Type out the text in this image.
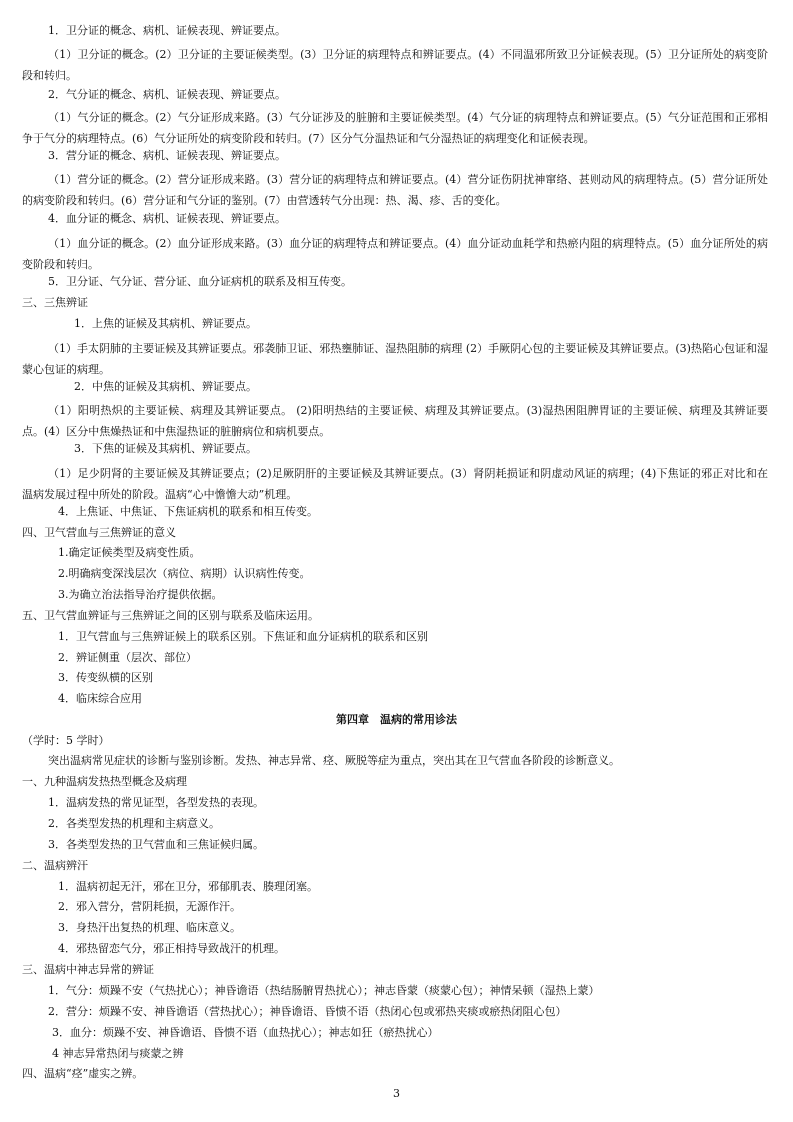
1．卫分证的概念、病机、证候表现、辨证要点。
（1）卫分证的概念。(2）卫分证的主要证候类型。(3）卫分证的病理特点和辨证要点。(4）不同温邪所致卫分证候表现。(5）卫分证所处的病变阶段和转归。
2．气分证的概念、病机、证候表现、辨证要点。
（1）气分证的概念。(2）气分证形成来路。(3）气分证涉及的脏腑和主要证候类型。(4）气分证的病理特点和辨证要点。(5）气分证范围和正邪相争于气分的病理特点。(6）气分证所处的病变阶段和转归。(7）区分气分温热证和气分湿热证的病理变化和证候表现。
3．营分证的概念、病机、证候表现、辨证要点。
（1）营分证的概念。(2）营分证形成来路。(3）营分证的病理特点和辨证要点。(4）营分证伤阴扰神窜络、甚则动风的病理特点。(5）营分证所处的病变阶段和转归。(6）营分证和气分证的鉴别。(7）由营透转气分出现：热、渴、疹、舌的变化。
4．血分证的概念、病机、证候表现、辨证要点。
（1）血分证的概念。(2）血分证形成来路。(3）血分证的病理特点和辨证要点。(4）血分证动血耗学和热瘀内阻的病理特点。(5）血分证所处的病变阶段和转归。
5．卫分证、气分证、营分证、血分证病机的联系及相互传变。
三、三焦辨证
1．上焦的证候及其病机、辨证要点。
（1）手太阴肺的主要证候及其辨证要点。邪袭肺卫证、邪热壅肺证、湿热阻肺的病理 (2）手厥阴心包的主要证候及其辨证要点。(3)热陷心包证和湿蒙心包证的病理。
2．中焦的证候及其病机、辨证要点。
（1）阳明热炽的主要证候、病理及其辨证要点。 (2)阳明热结的主要证候、病理及其辨证要点。(3)湿热困阻脾胃证的主要证候、病理及其辨证要点。(4）区分中焦燥热证和中焦湿热证的脏腑病位和病机要点。
3．下焦的证候及其病机、辨证要点。
（1）足少阴肾的主要证候及其辨证要点；(2)足厥阴肝的主要证候及其辨证要点。(3）肾阴耗损证和阴虚动风证的病理；(4)下焦证的邪正对比和在温病发展过程中所处的阶段。温病“心中憺憺大动”机理。
4．上焦证、中焦证、下焦证病机的联系和相互传变。
四、卫气营血与三焦辨证的意义
1.确定证候类型及病变性质。
2.明确病变深浅层次（病位、病期）认识病性传变。
3.为确立治法指导治疗提供依据。
五、卫气营血辨证与三焦辨证之间的区别与联系及临床运用。
1．卫气营血与三焦辨证候上的联系区别。下焦证和血分证病机的联系和区别
2．辨证侧重（层次、部位）
3．传变纵横的区别
4．临床综合应用
第四章　温病的常用诊法
（学时：5 学时）
突出温病常见症状的诊断与鉴别诊断。发热、神志异常、痉、厥脱等症为重点，突出其在卫气营血各阶段的诊断意义。
一、九种温病发热热型概念及病理
1．温病发热的常见证型，各型发热的表现。
2．各类型发热的机理和主病意义。
3．各类型发热的卫气营血和三焦证候归属。
二、温病辨汗
1．温病初起无汗，邪在卫分，邪郁肌表、腠理闭塞。
2．邪入营分，营阴耗损，无源作汗。
3．身热汗出复热的机理、临床意义。
4．邪热留恋气分，邪正相持导致战汗的机理。
三、温病中神志异常的辨证
1．气分：烦躁不安（气热扰心）；神昏谵语（热结肠腑胃热扰心）；神志昏蒙（痰蒙心包）；神情呆顿（湿热上蒙）
2．营分：烦躁不安、神昏谵语（营热扰心）；神昏谵语、昏愦不语（热闭心包或邪热夹痰或瘀热闭阻心包）
3．血分：烦躁不安、神昏谵语、昏愦不语（血热扰心）；神志如狂（瘀热扰心）
4 神志异常热闭与痰蒙之辨
四、温病“痉”虚实之辨。
3
